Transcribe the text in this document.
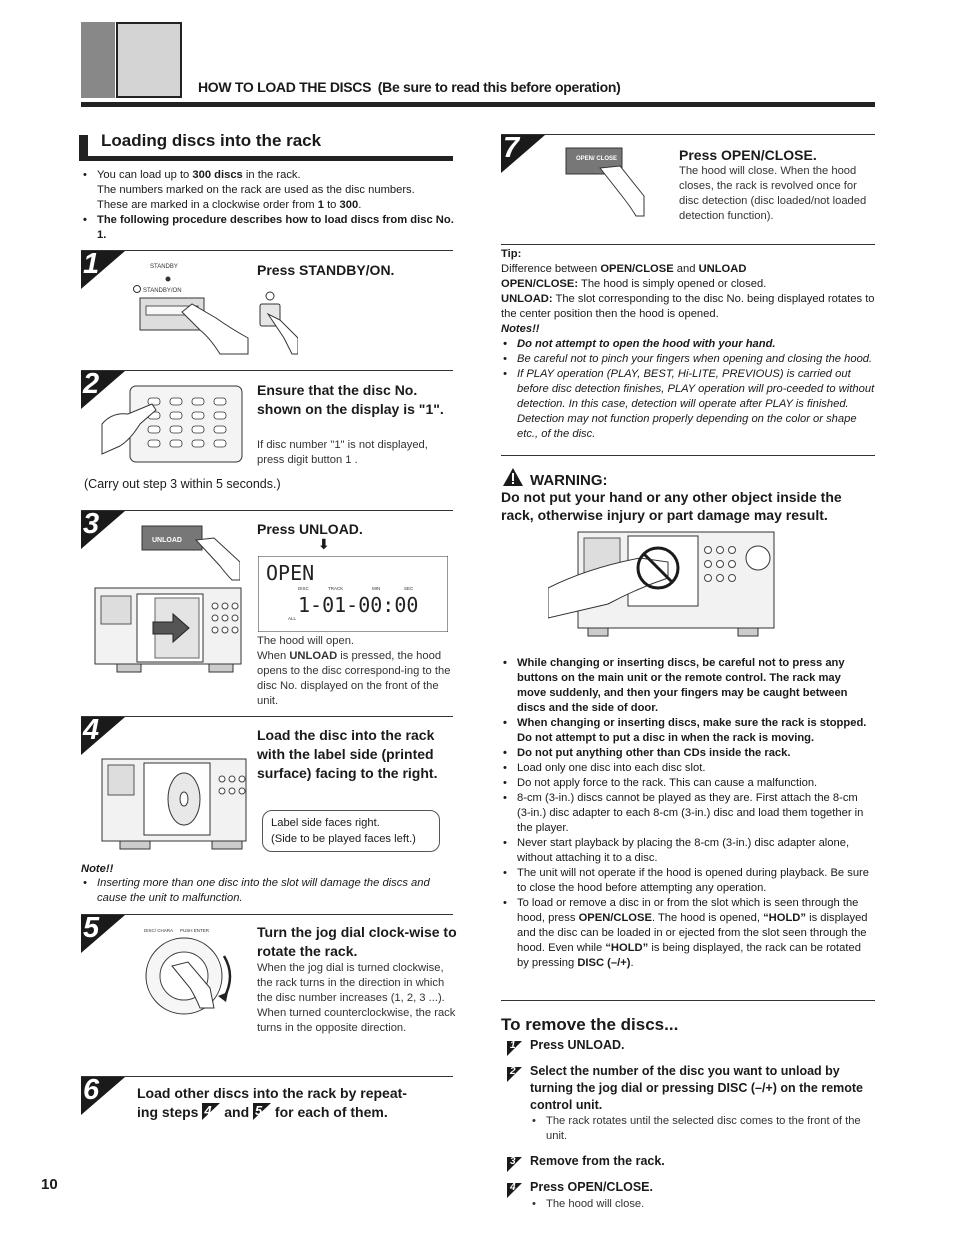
HOW TO LOAD THE DISCS (Be sure to read this before operation)
Loading discs into the rack
• You can load up to 300 discs in the rack.
The numbers marked on the rack are used as the disc numbers.
These are marked in a clockwise order from 1 to 300.
• The following procedure describes how to load discs from disc No. 1.
1	STANDBY
STANDBY/ON
Press STANDBY/ON.
2	Ensure that the disc No. shown on the display is "1".
If disc number "1" is not displayed, press digit button 1 .
(Carry out step 3 within 5 seconds.)
3
UNLOAD
Press UNLOAD.
⬇
OPEN
DISC	TRACK	MIN	SEC
1-01-00:00
ALL
The hood will open.
When UNLOAD is pressed, the hood opens to the disc correspond-ing to the disc No. displayed on the front of the unit.
4	Load the disc into the rack with the label side (printed surface) facing to the right.
Label side faces right.
(Side to be played faces left.)
Note!!
• Inserting more than one disc into the slot will damage the discs and cause the unit to malfunction.
5	DISC/ CHARA PUSH ENTER	Turn the jog dial clock-wise to rotate the rack.
When the jog dial is turned clockwise, the rack turns in the direction in which the disc number increases (1, 2, 3 ...). When turned counterclockwise, the rack turns in the opposite direction.
6	Load other discs into the rack by repeat-
ing steps 4 and 5 for each of them.
10
7	OPEN/ CLOSE	Press OPEN/CLOSE.
The hood will close. When the hood closes, the rack is revolved once for disc detection (disc loaded/not loaded detection function).
Tip:
Difference between OPEN/CLOSE and UNLOAD
OPEN/CLOSE: The hood is simply opened or closed.
UNLOAD: The slot corresponding to the disc No. being displayed rotates to the center position then the hood is opened.
Notes!!
• Do not attempt to open the hood with your hand.
• Be careful not to pinch your fingers when opening and closing the hood.
• If PLAY operation (PLAY, BEST, Hi-LITE, PREVIOUS) is carried out before disc detection finishes, PLAY operation will pro-ceeded to without detection. In this case, detection will operate after PLAY is finished. Detection may not function properly depending on the color or shape etc., of the disc.
WARNING:
Do not put your hand or any other object inside the rack, otherwise injury or part damage may result.
• While changing or inserting discs, be careful not to press any buttons on the main unit or the remote control. The rack may move suddenly, and then your fingers may be caught between discs and the side of door.
• When changing or inserting discs, make sure the rack is stopped. Do not attempt to put a disc in when the rack is moving.
• Do not put anything other than CDs inside the rack.
• Load only one disc into each disc slot.
• Do not apply force to the rack. This can cause a malfunction.
• 8-cm (3-in.) discs cannot be played as they are. First attach the 8-cm (3-in.) disc adapter to each 8-cm (3-in.) disc and load them together in the player.
• Never start playback by placing the 8-cm (3-in.) disc adapter alone, without attaching it to a disc.
• The unit will not operate if the hood is opened during playback. Be sure to close the hood before attempting any operation.
• To load or remove a disc in or from the slot which is seen through the hood, press OPEN/CLOSE. The hood is opened, “HOLD” is displayed and the disc can be loaded in or ejected from the slot seen through the hood. Even while “HOLD” is being displayed, the rack can be rotated by pressing DISC (–/+).
To remove the discs...
1 Press UNLOAD.
2 Select the number of the disc you want to unload by turning the jog dial or pressing DISC (–/+) on the remote control unit.
• The rack rotates until the selected disc comes to the front of the unit.
3 Remove from the rack.
4 Press OPEN/CLOSE.
• The hood will close.
